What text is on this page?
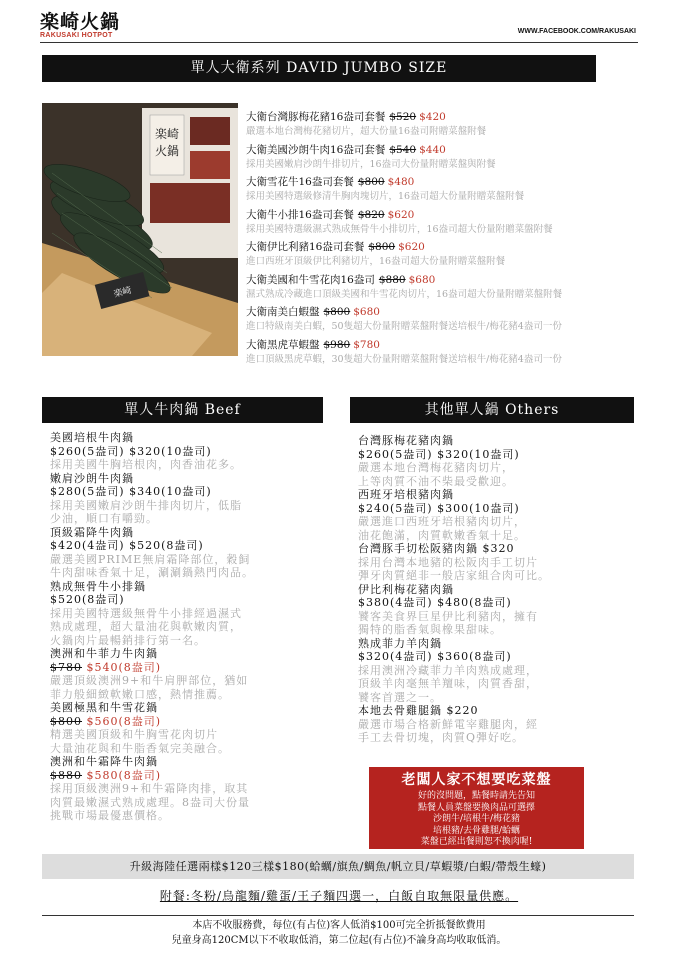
楽崎火鍋
RAKUSAKI HOTPOT
WWW.FACEBOOK.COM/RAKUSAKI
單人大衛系列 DAVID JUMBO SIZE
楽崎
火鍋
楽崎
大衛台灣豚梅花豬16盎司套餐 $520 $420
嚴選本地台灣梅花豬切片，超大份量16盎司附贈菜盤附餐
大衛美國沙朗牛肉16盎司套餐 $540 $440
採用美國嫩肩沙朗牛排切片，16盎司大份量附贈菜盤與附餐
大衛雪花牛16盎司套餐 $800 $480
採用美國特選級修清牛胸肉塊切片，16盎司超大份量附贈菜盤附餐
大衛牛小排16盎司套餐 $820 $620
採用美國特選級濕式熟成無骨牛小排切片，16盎司超大份量附贈菜盤附餐
大衛伊比利豬16盎司套餐 $800 $620
進口西班牙頂級伊比利豬切片，16盎司超大份量附贈菜盤附餐
大衛美國和牛雪花肉16盎司 $880 $680
濕式熟成冷藏進口頂級美國和牛雪花肉切片，16盎司超大份量附贈菜盤附餐
大衛南美白蝦盤 $800 $680
進口特級南美白蝦，50隻超大份量附贈菜盤附餐送培根牛/梅花豬4盎司一份
大衛黑虎草蝦盤 $980 $780
進口頂級黑虎草蝦，30隻超大份量附贈菜盤附餐送培根牛/梅花豬4盎司一份
單人牛肉鍋 Beef	其他單人鍋 Others
美國培根牛肉鍋
$260(5盎司) $320(10盎司)
採用美國牛胸培根肉，肉香油花多。
嫩肩沙朗牛肉鍋
$280(5盎司) $340(10盎司)
採用美國嫩肩沙朗牛排肉切片，低脂
少油，順口有嚼勁。
頂級霜降牛肉鍋
$420(4盎司) $520(8盎司)
嚴選美國PRIME無肩霜降部位，穀飼
牛肉甜味香氣十足，涮涮鍋熱門肉品。
熟成無骨牛小排鍋
$520(8盎司)
採用美國特選級無骨牛小排經過濕式
熟成處理，超大量油花與軟嫩肉質，
火鍋肉片最暢銷排行第一名。
澳洲和牛菲力牛肉鍋
$780 $540(8盎司)
嚴選頂級澳洲9+和牛肩胛部位，猶如
菲力般細緻軟嫩口感，熱情推薦。
美國極黑和牛雪花鍋
$800 $560(8盎司)
精選美國頂級和牛胸雪花肉切片
大量油花與和牛脂香氣完美融合。
澳洲和牛霜降牛肉鍋
$880 $580(8盎司)
採用頂級澳洲9+和牛霜降肉排，取其
肉質最嫩濕式熟成處理。8盎司大份量
挑戰市場最優惠價格。
台灣豚梅花豬肉鍋
$260(5盎司) $320(10盎司)
嚴選本地台灣梅花豬肉切片，
上等肉質不油不柴最受歡迎。
西班牙培根豬肉鍋
$240(5盎司) $300(10盎司)
嚴選進口西班牙培根豬肉切片，
油花飽滿，肉質軟嫩香氣十足。
台灣豚手切松阪豬肉鍋 $320
採用台灣本地豬的松阪肉手工切片
彈牙肉質絕非一般店家組合肉可比。
伊比利梅花豬肉鍋
$380(4盎司) $480(8盎司)
饕客美食界巨星伊比利豬肉，擁有
獨特的脂香氣與橡果甜味。
熟成菲力羊肉鍋
$320(4盎司) $360(8盎司)
採用澳洲冷藏菲力羊肉熟成處理，
頂級羊肉毫無羊羶味，肉質香甜，
饕客首選之一。
本地去骨雞腿鍋 $220
嚴選市場合格新鮮電宰雞腿肉，經
手工去骨切塊，肉質Q彈好吃。
老闆人家不想要吃菜盤
好的沒問題，點餐時請先告知
點餐人員菜盤要換肉品可選擇
沙朗牛/培根牛/梅花豬
培根豬/去骨雞腿/蛤蠣
菜盤已經出餐則恕不換肉喔!
升級海陸任選兩樣$120三樣$180(蛤蠣/旗魚/鯛魚/帆立貝/草蝦漿/白蝦/帶殼生蠔)
附餐:冬粉/烏龍麵/雞蛋/王子麵四選一，白飯自取無限量供應。
本店不收服務費，每位(有占位)客人低消$100可完全折抵餐飲費用
兒童身高120CM以下不收取低消，第二位起(有占位)不論身高均收取低消。
